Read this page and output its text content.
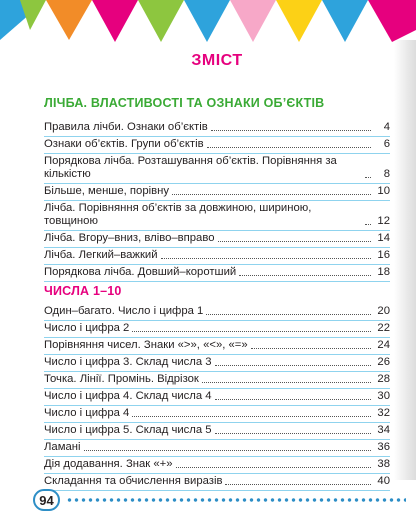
ЗМІСТ
ЛІЧБА. ВЛАСТИВОСТІ ТА ОЗНАКИ ОБ’ЄКТІВ
Правила лічби. Ознаки об’єктів	4
Ознаки об’єктів. Групи об’єктів	6
Порядкова лічба. Розташування об’єктів. Порівняння за кількістю	8
Більше, менше, порівну	10
Лічба. Порівняння об’єктів за довжиною, шириною, товщиною	12
Лічба. Вгору–вниз, вліво–вправо	14
Лічба. Легкий–важкий	16
Порядкова лічба. Довший–коротший	18
ЧИСЛА 1–10
Один–багато. Число і цифра 1	20
Число і цифра 2	22
Порівняння чисел. Знаки «>», «<», «=»	24
Число і цифра 3. Склад числа 3	26
Точка. Лінії. Промінь. Відрізок	28
Число і цифра 4. Склад числа 4	30
Число і цифра 4	32
Число і цифра 5. Склад числа 5	34
Ламані	36
Дія додавання. Знак «+»	38
Складання та обчислення виразів	40
94
